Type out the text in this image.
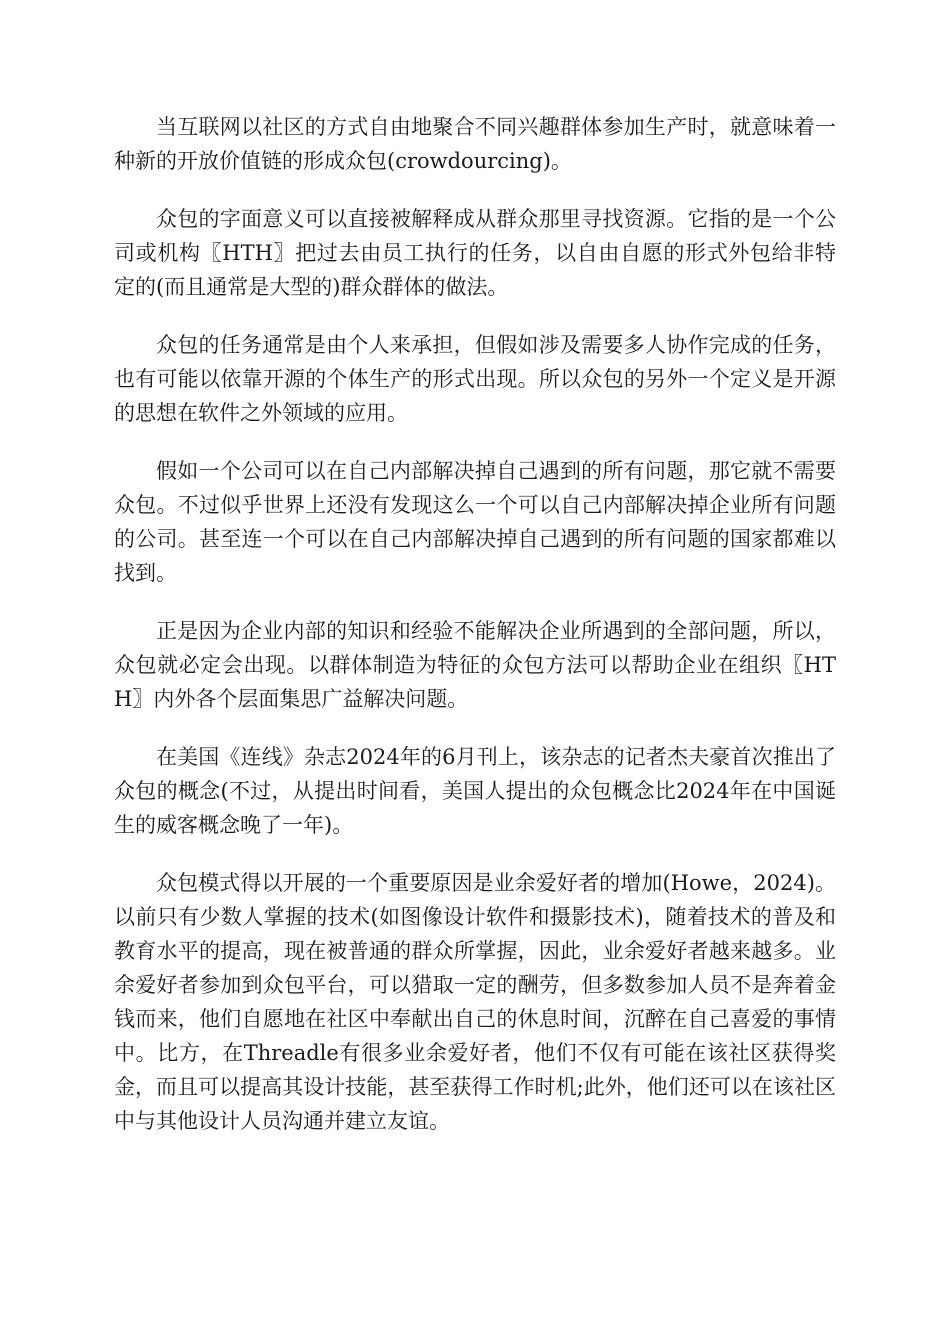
当互联网以社区的方式自由地聚合不同兴趣群体参加生产时，就意味着一种新的开放价值链的形成众包(crowdourcing)。

众包的字面意义可以直接被解释成从群众那里寻找资源。它指的是一个公司或机构〖HTH〗把过去由员工执行的任务，以自由自愿的形式外包给非特定的(而且通常是大型的)群众群体的做法。

众包的任务通常是由个人来承担，但假如涉及需要多人协作完成的任务，也有可能以依靠开源的个体生产的形式出现。所以众包的另外一个定义是开源的思想在软件之外领域的应用。

假如一个公司可以在自己内部解决掉自己遇到的所有问题，那它就不需要众包。不过似乎世界上还没有发现这么一个可以自己内部解决掉企业所有问题的公司。甚至连一个可以在自己内部解决掉自己遇到的所有问题的国家都难以找到。

正是因为企业内部的知识和经验不能解决企业所遇到的全部问题，所以，众包就必定会出现。以群体制造为特征的众包方法可以帮助企业在组织〖HTH〗内外各个层面集思广益解决问题。

在美国《连线》杂志2024年的6月刊上，该杂志的记者杰夫豪首次推出了众包的概念(不过，从提出时间看，美国人提出的众包概念比2024年在中国诞生的威客概念晚了一年)。

众包模式得以开展的一个重要原因是业余爱好者的增加(Howe，2024)。以前只有少数人掌握的技术(如图像设计软件和摄影技术)，随着技术的普及和教育水平的提高，现在被普通的群众所掌握，因此，业余爱好者越来越多。业余爱好者参加到众包平台，可以猎取一定的酬劳，但多数参加人员不是奔着金钱而来，他们自愿地在社区中奉献出自己的休息时间，沉醉在自己喜爱的事情中。比方，在Threadle有很多业余爱好者，他们不仅有可能在该社区获得奖金，而且可以提高其设计技能，甚至获得工作时机;此外，他们还可以在该社区中与其他设计人员沟通并建立友谊。
